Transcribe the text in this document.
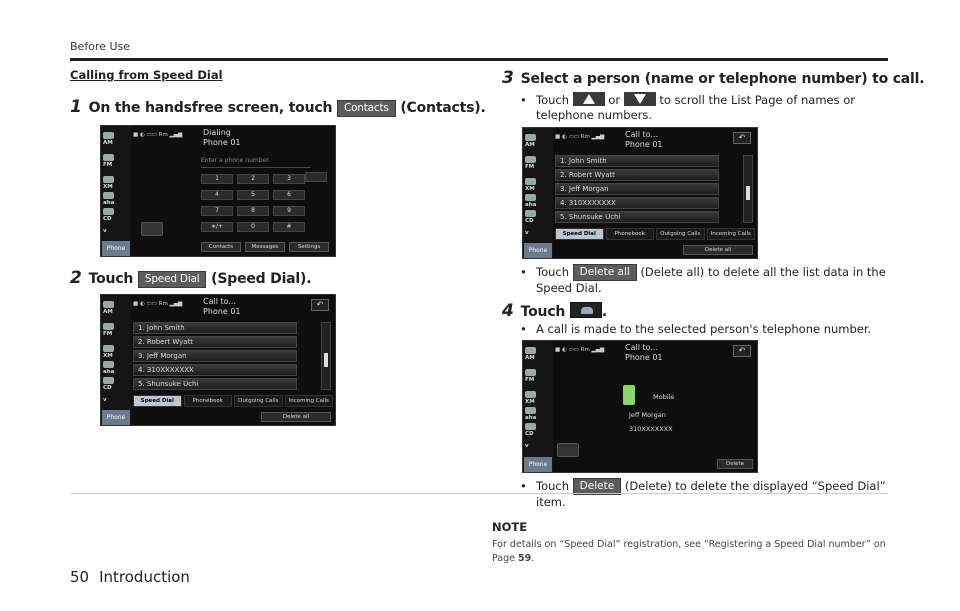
Before Use
Calling from Speed Dial
1 On the handsfree screen, touch Contacts (Contacts).
AM
FM
XM
aha
CD
v
Phone
■ ◐ ▭▭ Rm ▂▄▆	Dialing
Phone 01
Enter a phone number.
1	2	3
4	5	6
7	8	9
∗/+	0	#
Contacts	Messages	Settings
2 Touch Speed Dial (Speed Dial).
AM
FM
XM
aha
CD
v
Phone
■ ◐ ▭▭ Rm ▂▄▆	Call to...
Phone 01
↶
1. John Smith
2. Robert Wyatt
3. Jeff Morgan
4. 310XXXXXXX
5. Shunsuke Uchi
Speed Dial	Phonebook	Outgoing Calls	Incoming Calls
Delete all
3 Select a person (name or telephone number) to call.
• Touch	or	to scroll the List Page of names or
telephone numbers.
AM
FM
XM
aha
CD
v
Phone
■ ◐ ▭▭ Rm ▂▄▆	Call to...
Phone 01
↶
1. John Smith
2. Robert Wyatt
3. Jeff Morgan
4. 310XXXXXXX
5. Shunsuke Uchi
Speed Dial	Phonebook	Outgoing Calls	Incoming Calls
Delete all
• Touch Delete all (Delete all) to delete all the list data in the
Speed Dial.
4 Touch	.
• A call is made to the selected person's telephone number.
AM
FM
XM
aha
CD
v
Phone
■ ◐ ▭▭ Rm ▂▄▆	Call to...
Phone 01
↶
Mobile
Jeff Morgan
310XXXXXXX
Delete
• Touch Delete (Delete) to delete the displayed “Speed Dial”
item.
NOTE
For details on “Speed Dial” registration, see “Registering a Speed Dial number” on Page 59.
50 Introduction
